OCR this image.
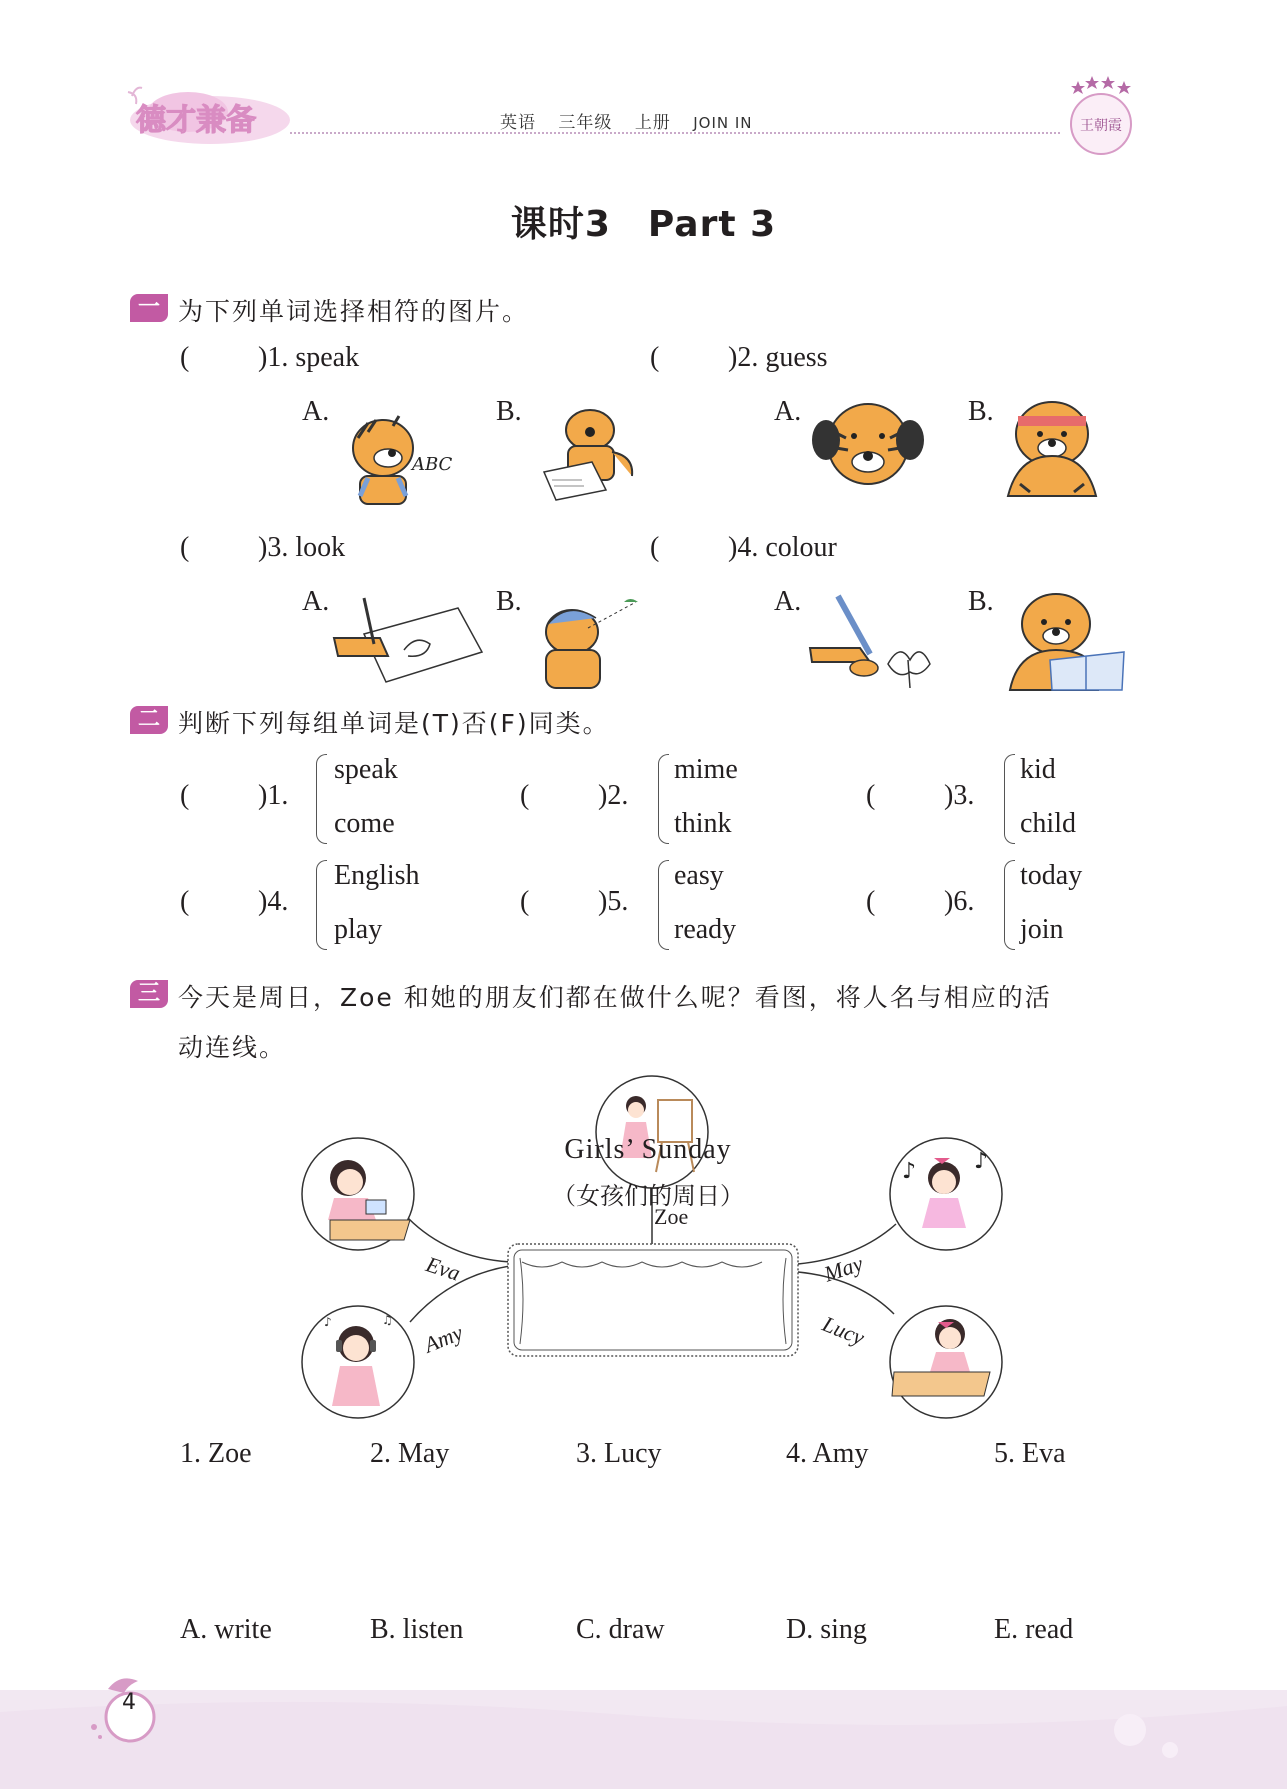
德才兼备	英语 三年级 上册 JOIN IN	王朝霞
课时3　Part 3
一 为下列单词选择相符的图片。
( )1. speak	( )2. guess
A.	B.	A.	B.
ABC
( )3. look	( )4. colour
A.	B.	A.	B.
二 判断下列每组单词是(T)否(F)同类。
( )1.
speak
come
( )2.
mime
think
( )3.
kid
child
( )4.
English
play
( )5.
easy
ready
( )6.
today
join
三 今天是周日，Zoe 和她的朋友们都在做什么呢？看图，将人名与相应的活
动连线。
♪	♫
♪	♪
Girls’ Sunday
（女孩们的周日）
Zoe
Eva
Amy
May
Lucy
1. Zoe	2. May	3. Lucy	4. Amy	5. Eva
A. write	B. listen	C. draw	D. sing	E. read
4
